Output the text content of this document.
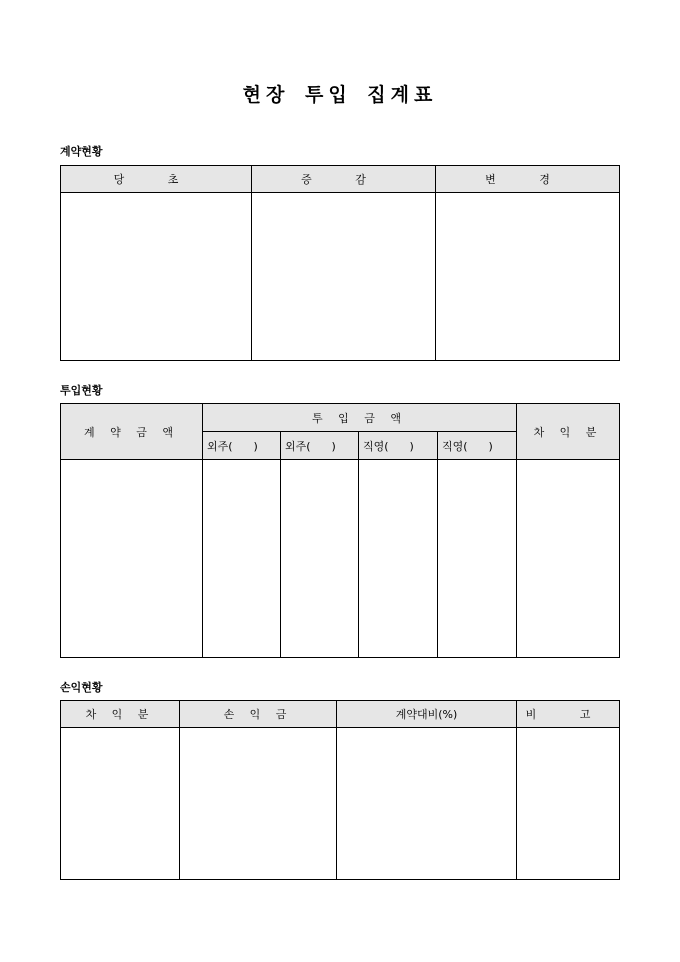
현장 투입 집계표
계약현황
당 초	증 감	변 경

투입현황
계 약 금 액	투 입 금 액				차 익 분
	외주(      )	외주(      )	직영(      )	직영(      )	

손익현황
차 익 분	손 익 금	계약대비(%)	비 고
